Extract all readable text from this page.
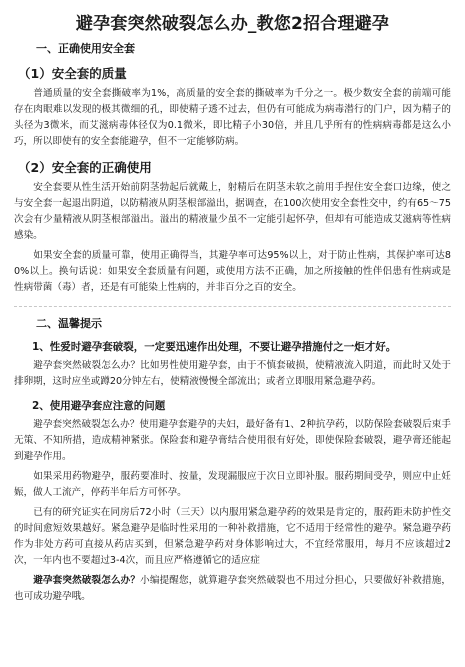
避孕套突然破裂怎么办_教您2招合理避孕
一、正确使用安全套
（1）安全套的质量

普通质量的安全套撕破率为1%，高质量的安全套的撕破率为千分之一。极少数安全套的前端可能存在肉眼难以发现的极其微细的孔，即使精子透不过去，但仍有可能成为病毒潜行的门户，因为精子的头径为3微米，而艾滋病毒体径仅为0.1微米，即比精子小30倍，并且几乎所有的性病病毒都是这么小巧，所以即使有的安全套能避孕，但不一定能够防病。

（2）安全套的正确使用

安全套要从性生活开始前阴茎勃起后就戴上，射精后在阴茎未软之前用手捏住安全套口边缘，使之与安全套一起退出阴道，以防精液从阴茎根部溢出，据调查，在100次使用安全套性交中，约有65～75次会有少量精液从阴茎根部溢出。溢出的精液量少虽不一定能引起怀孕，但却有可能造成艾滋病等性病感染。

如果安全套的质量可靠，使用正确得当，其避孕率可达95%以上，对于防止性病，其保护率可达80%以上。换句话说：如果安全套质量有问题，或使用方法不正确，加之所接触的性伴侣患有性病或是性病带菌（毒）者，还是有可能染上性病的，并非百分之百的安全。

二、温馨提示
1、性爱时避孕套破裂，一定要迅速作出处理，不要让避孕措施付之一炬才好。

避孕套突然破裂怎么办？比如男性使用避孕套，由于不慎套破损，使精液流入阴道，而此时又处于排卵期，这时应坐或蹲20分钟左右，使精液慢慢全部流出；或者立即服用紧急避孕药。

2、使用避孕套应注意的问题

避孕套突然破裂怎么办？使用避孕套避孕的夫妇，最好备有1、2种抗孕药，以防保险套破裂后束手无策、不知所措，造成精神紧张。保险套和避孕膏结合使用很有好处，即使保险套破裂，避孕膏还能起到避孕作用。

如果采用药物避孕，服药要准时、按量，发现漏服应于次日立即补服。服药期间受孕，则应中止妊娠，做人工流产，停药半年后方可怀孕。

已有的研究证实在同房后72小时（三天）以内服用紧急避孕药的效果是肯定的，服药距未防护性交的时间愈短效果越好。紧急避孕是临时性采用的一种补救措施，它不适用于经常性的避孕。紧急避孕药作为非处方药可直接从药店买到，但紧急避孕药对身体影响过大，不宜经常服用，每月不应该超过2次，一年内也不要超过3-4次，而且应严格遵循它的适应症

避孕套突然破裂怎么办？小编提醒您，就算避孕套突然破裂也不用过分担心，只要做好补救措施，也可成功避孕哦。
